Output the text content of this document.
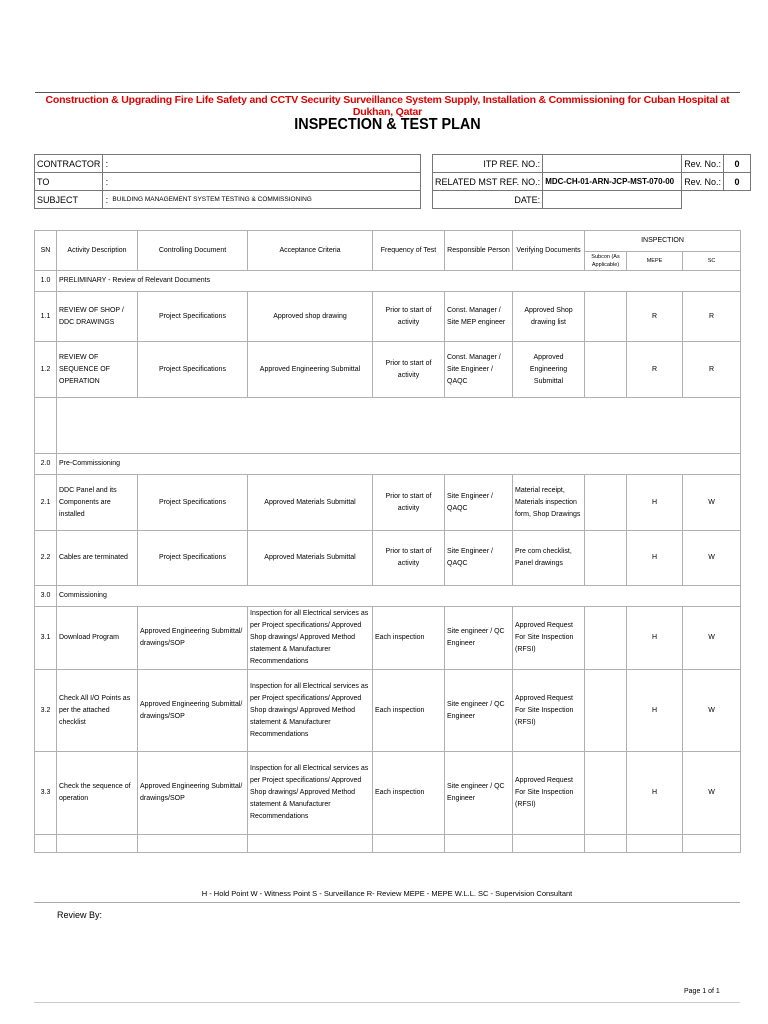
Construction & Upgrading Fire Life Safety and CCTV Security Surveillance System Supply, Installation & Commissioning for Cuban Hospital at Dukhan, Qatar
INSPECTION & TEST PLAN
CONTRACTOR	:	
TO	:	
SUBJECT	:	BUILDING MANAGEMENT SYSTEM TESTING & COMMISSIONING
ITP REF. NO.:		Rev. No.:	0
RELATED MST REF. NO.:	MDC-CH-01-ARN-JCP-MST-070-00	Rev. No.:	0
DATE:			
SN	Activity Description	Controlling Document	Acceptance Criteria	Frequency of Test	Responsible Person	Verifying Documents	INSPECTION		
							Subcon (As Applicable)	MEPE	SC
1.0	PRELIMINARY - Review of Relevant Documents								
1.1	REVIEW OF SHOP / DDC DRAWINGS	Project Specifications	Approved shop drawing	Prior to start of activity	Const. Manager / Site MEP engineer	Approved Shop drawing list		R	R
1.2	REVIEW OF SEQUENCE OF OPERATION	Project Specifications	Approved Engineering Submittal	Prior to start of activity	Const. Manager / Site Engineer / QAQC	Approved Engineering Submittal		R	R

2.0	Pre-Commissioning								
2.1	DDC Panel and its Components are installed	Project Specifications	Approved Materials Submittal	Prior to start of activity	Site Engineer / QAQC	Material receipt, Materials inspection form, Shop Drawings		H	W
2.2	Cables are terminated	Project Specifications	Approved Materials Submittal	Prior to start of activity	Site Engineer / QAQC	Pre com checklist, Panel drawings		H	W
3.0	Commissioning								
3.1	Download Program	Approved Engineering Submittal/ drawings/SOP	Inspection for all Electrical services as per Project specifications/ Approved Shop drawings/ Approved Method statement & Manufacturer Recommendations	Each inspection	Site engineer / QC Engineer	Approved Request For Site Inspection (RFSI)		H	W
3.2	Check All I/O Points as per the attached checklist	Approved Engineering Submittal/ drawings/SOP	Inspection for all Electrical services as per Project specifications/ Approved Shop drawings/ Approved Method statement & Manufacturer Recommendations	Each inspection	Site engineer / QC Engineer	Approved Request For Site Inspection (RFSI)		H	W
3.3	Check the sequence of operation	Approved Engineering Submittal/ drawings/SOP	Inspection for all Electrical services as per Project specifications/ Approved Shop drawings/ Approved Method statement & Manufacturer Recommendations	Each inspection	Site engineer / QC Engineer	Approved Request For Site Inspection (RFSI)		H	W

H - Hold Point W - Witness Point S - Surveillance R- Review MEPE - MEPE W.L.L. SC - Supervision Consultant
Review By:
Page 1 of 1
